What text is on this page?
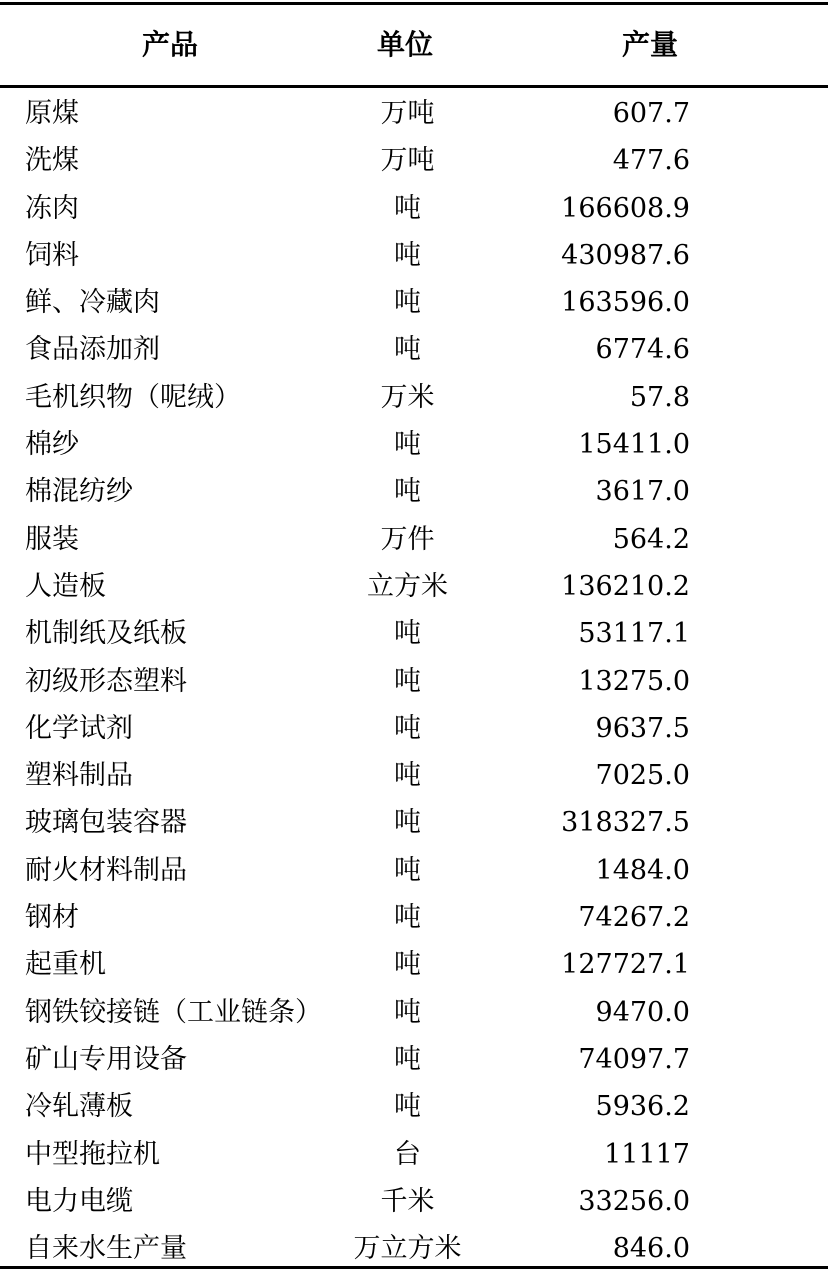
产品	单位	产量
原煤	万吨	607.7
洗煤	万吨	477.6
冻肉	吨	166608.9
饲料	吨	430987.6
鲜、冷藏肉	吨	163596.0
食品添加剂	吨	6774.6
毛机织物（呢绒）	万米	57.8
棉纱	吨	15411.0
棉混纺纱	吨	3617.0
服装	万件	564.2
人造板	立方米	136210.2
机制纸及纸板	吨	53117.1
初级形态塑料	吨	13275.0
化学试剂	吨	9637.5
塑料制品	吨	7025.0
玻璃包装容器	吨	318327.5
耐火材料制品	吨	1484.0
钢材	吨	74267.2
起重机	吨	127727.1
钢铁铰接链（工业链条）	吨	9470.0
矿山专用设备	吨	74097.7
冷轧薄板	吨	5936.2
中型拖拉机	台	11117
电力电缆	千米	33256.0
自来水生产量	万立方米	846.0
